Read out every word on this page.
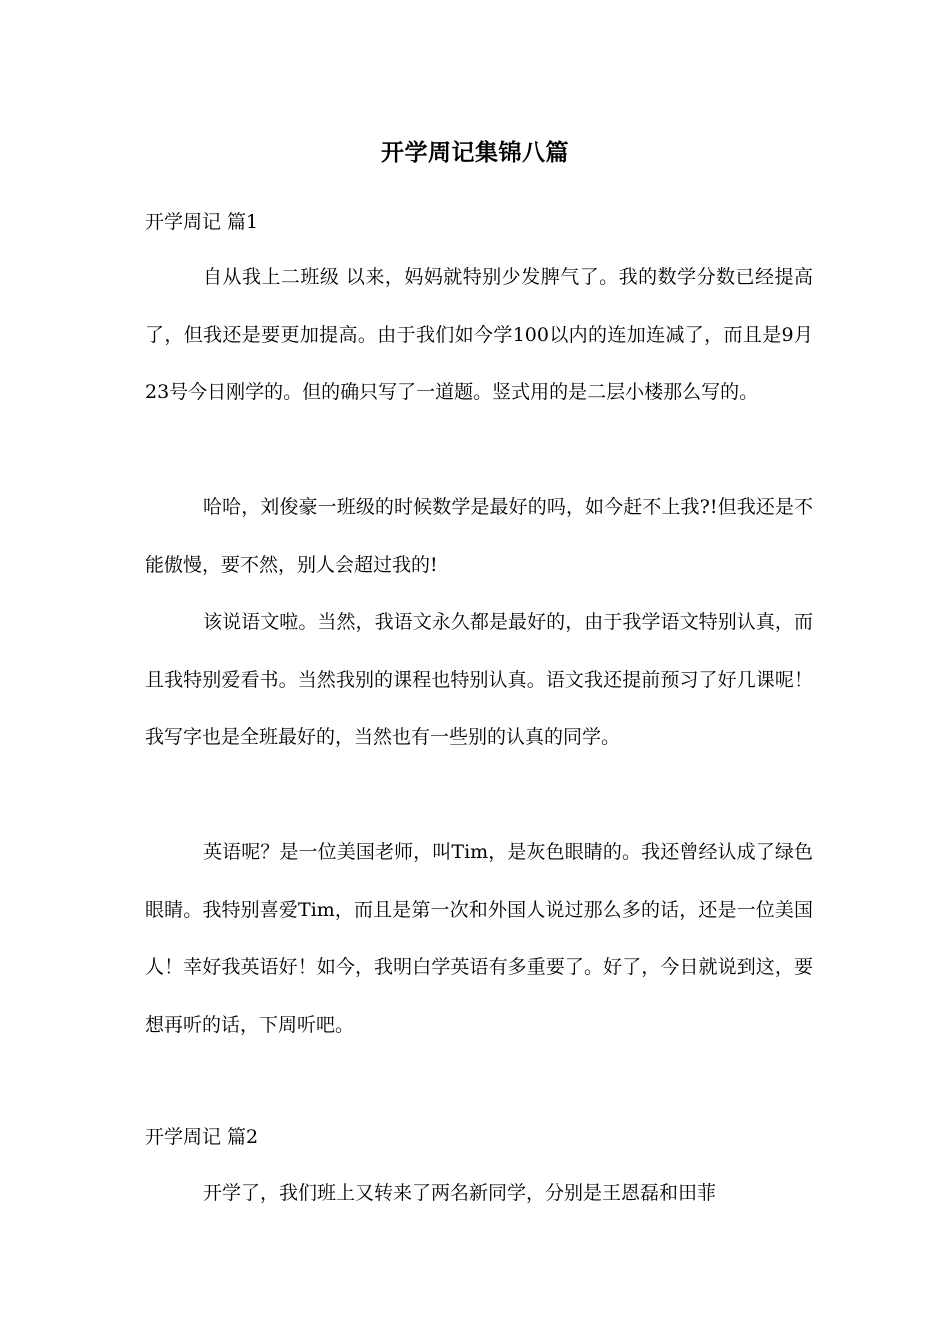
开学周记集锦八篇
开学周记 篇1

自从我上二班级 以来，妈妈就特别少发脾气了。我的数学分数已经提高了，但我还是要更加提高。由于我们如今学100以内的连加连减了，而且是9月23号今日刚学的。但的确只写了一道题。竖式用的是二层小楼那么写的。

哈哈，刘俊豪一班级的时候数学是最好的吗，如今赶不上我?!但我还是不能傲慢，要不然，别人会超过我的!

该说语文啦。当然，我语文永久都是最好的，由于我学语文特别认真，而且我特别爱看书。当然我别的课程也特别认真。语文我还提前预习了好几课呢！我写字也是全班最好的，当然也有一些别的认真的同学。

英语呢？是一位美国老师，叫Tim，是灰色眼睛的。我还曾经认成了绿色眼睛。我特别喜爱Tim，而且是第一次和外国人说过那么多的话，还是一位美国人！幸好我英语好！如今，我明白学英语有多重要了。好了，今日就说到这，要想再听的话，下周听吧。

开学周记 篇2

开学了，我们班上又转来了两名新同学，分别是王恩磊和田菲
